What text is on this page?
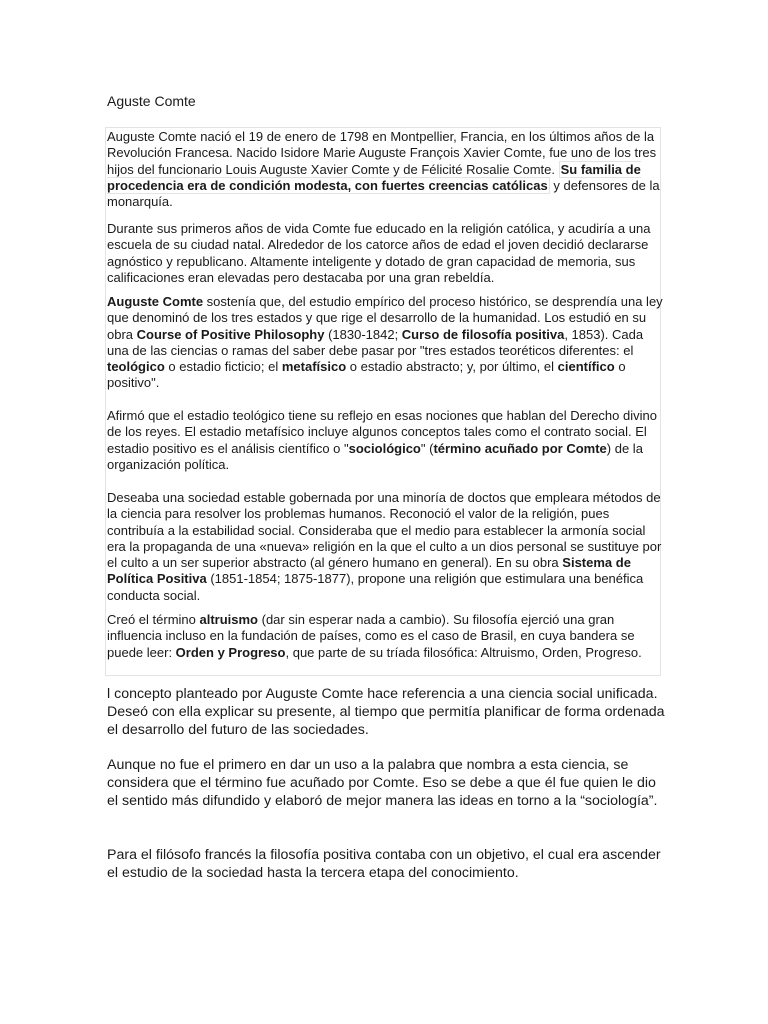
Aguste Comte

Auguste Comte nació el 19 de enero de 1798 en Montpellier, Francia, en los últimos años de la Revolución Francesa. Nacido Isidore Marie Auguste François Xavier Comte, fue uno de los tres hijos del funcionario Louis Auguste Xavier Comte y de Félicité Rosalie Comte. Su familia de procedencia era de condición modesta, con fuertes creencias católicas y defensores de la monarquía.

Durante sus primeros años de vida Comte fue educado en la religión católica, y acudiría a una escuela de su ciudad natal. Alrededor de los catorce años de edad el joven decidió declararse agnóstico y republicano. Altamente inteligente y dotado de gran capacidad de memoria, sus calificaciones eran elevadas pero destacaba por una gran rebeldía.

Auguste Comte sostenía que, del estudio empírico del proceso histórico, se desprendía una ley que denominó de los tres estados y que rige el desarrollo de la humanidad. Los estudió en su obra Course of Positive Philosophy (1830-1842; Curso de filosofía positiva, 1853). Cada una de las ciencias o ramas del saber debe pasar por "tres estados teoréticos diferentes: el teológico o estadio ficticio; el metafísico o estadio abstracto; y, por último, el científico o positivo".

Afirmó que el estadio teológico tiene su reflejo en esas nociones que hablan del Derecho divino de los reyes. El estadio metafísico incluye algunos conceptos tales como el contrato social. El estadio positivo es el análisis científico o "sociológico" (término acuñado por Comte) de la organización política.

Deseaba una sociedad estable gobernada por una minoría de doctos que empleara métodos de la ciencia para resolver los problemas humanos. Reconoció el valor de la religión, pues contribuía a la estabilidad social. Consideraba que el medio para establecer la armonía social era la propaganda de una «nueva» religión en la que el culto a un dios personal se sustituye por el culto a un ser superior abstracto (al género humano en general). En su obra Sistema de Política Positiva (1851-1854; 1875-1877), propone una religión que estimulara una benéfica conducta social.

Creó el término altruismo (dar sin esperar nada a cambio). Su filosofía ejerció una gran influencia incluso en la fundación de países, como es el caso de Brasil, en cuya bandera se puede leer: Orden y Progreso, que parte de su tríada filosófica: Altruismo, Orden, Progreso.

l concepto planteado por Auguste Comte hace referencia a una ciencia social unificada. Deseó con ella explicar su presente, al tiempo que permitía planificar de forma ordenada el desarrollo del futuro de las sociedades.

Aunque no fue el primero en dar un uso a la palabra que nombra a esta ciencia, se considera que el término fue acuñado por Comte. Eso se debe a que él fue quien le dio el sentido más difundido y elaboró de mejor manera las ideas en torno a la “sociología”.

Para el filósofo francés la filosofía positiva contaba con un objetivo, el cual era ascender el estudio de la sociedad hasta la tercera etapa del conocimiento.
